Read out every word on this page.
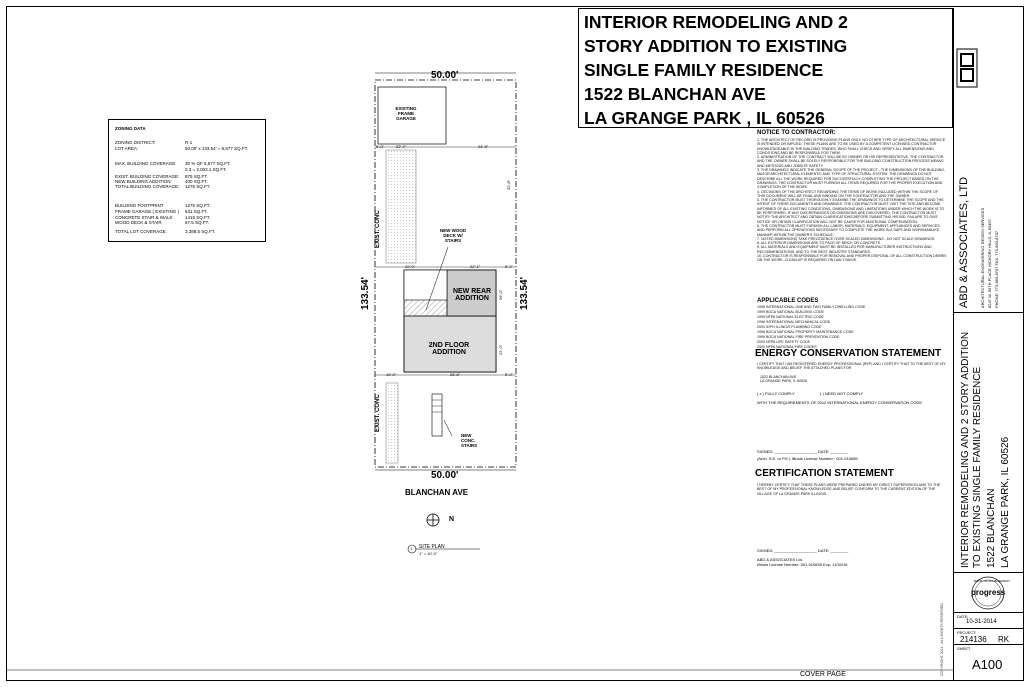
INTERIOR REMODELING AND 2
STORY ADDITION TO EXISTING
SINGLE FAMILY RESIDENCE
1522 BLANCHAN AVE
LA GRANGE PARK , IL 60526
ZONING DATA
ZONING DISTRICT:	R-1
LOT AREA:	50.00' x 133.54' = 6,677 SQ.FT.
MAX. BUILDING COVERAGE: 30 % OF 6,677 SQ.FT.
0.3 = 2,003.1 SQ.FT.
EXIST. BUILDING COVERAGE: 875 SQ.FT.
NEW BUILDING ADDITION:	400 SQ.FT.
TOTAL BUILDING COVERAGE: 1275 SQ.FT.
BUILDING FOOTPRINT	1275 SQ.FT.
FRAME GARAGE ( EXISTING ) 631 SQ.FT.
CONCRETE STAIR & WALK	1415 SQ.FT.
WOOD DECK & STAIR	67.5 SQ.FT.
TOTAL LOT COVERAGE:	3,388.5 SQ.FT.
50.00'
50.00'
133.54'	133.54'
EXISTING FRAME GARAGE
EXIST. CONC
EXIST. CONC
NEW WOOD DECK W/ STAIRS
NEW REAR ADDITION
2ND FLOOR ADDITION
NEW CONC. STAIRS
BLANCHAN AVE
N
1 SITE PLAN
1" = 10'-0"
5'-0"	22'-4"	24'-8"
20'-0"	22'-1"	5'-0"
19'-0"	26'-6"	5'-0"
32'-8"
26'-0"
22'-0"
NOTICE TO CONTRACTOR:
1. THE ARCHITECT OF RECORD IS PROVIDING PLANS ONLY. NO OTHER TYPE OF ARCHITECTURAL SERVICE IS INTENDED OR IMPLIED. THESE PLANS ARE TO BE USED BY A COMPETENT LICENSED CONTRACTOR KNOWLEDGEABLE IN THE BUILDING TRADES, WHO SHALL CHECK AND VERIFY ALL DIMENSIONS AND CONDITIONS AND BE RESPONSIBLE FOR THEM.
2. ADMINISTRATION OF THE CONTRACT WILL BE BY OWNER OR HIS REPRESENTATIVE. THE CONTRACTOR AND THE OWNER SHALL BE SOLELY RESPONSIBLE FOR THE BUILDING CONSTRUCTION PROCESS MEANS AND METHODS AND JOBSITE SAFETY.
3. THE DRAWINGS INDICATE THE GENERAL SCOPE OF THE PROJECT - THE DIMENSIONS OF THE BUILDING, MAJOR ARCHITECTURAL ELEMENTS, AND TYPE OF STRUCTURAL SYSTEM. THE DRAWINGS DO NOT DESCRIBE ALL THE WORK REQUIRED FOR SUCCESSFULLY COMPLETING THE PROJECT BASED ON THE DRAWINGS. THE CONTRACTOR MUST FURNISH ALL ITEMS REQUIRED FOR THE PROPER EXECUTION AND COMPLETION OF THE WORK.
4. DECISIONS OF THE ARCHITECT REGARDING THE ITEMS OF WORK INCLUDED WITHIN THE SCOPE OF THIS DOCUMENT WILL BE FINAL AND BINDING ON THE CONTRACTOR AND THE OWNER.
5. THE CONTRACTOR MUST THOROUGHLY EXAMINE THE DRAWINGS TO DETERMINE THE SCOPE AND THE INTENT OF THESE DOCUMENTS AND DRAWINGS. THE CONTRACTOR MUST VISIT THE SITE AND BECOME INFORMED OF ALL EXISTING CONDITIONS, DIMENSIONS AND LIMITATIONS UNDER WHICH THE WORK IS TO BE PERFORMED. IF ANY DISCREPANCIES OR OMISSIONS ARE DISCOVERED, THE CONTRACTOR MUST NOTIFY THE ARCHITECT AND OBTAIN CLARIFICATIONS BEFORE SUBMITTING HIS BID. FAILURE TO GIVE NOTICE OR OBTAIN CLARIFICATION WILL NOT BE CAUSE FOR ADDITIONAL COMPENSATION.
6. THE CONTRACTOR MUST FURNISH ALL LABOR, MATERIALS, EQUIPMENT, APPLIANCES AND SERVICES, AND PERFORM ALL OPERATIONS NECESSARY TO COMPLETE THE WORK IN A SAFE AND WORKMANLIKE MANNER WITHIN THE OWNER'S SCHEDULE.
7. NOTED DIMENSIONS TAKE PRECEDENCE OVER SCALED DIMENSIONS - DO NOT SCALE DRAWINGS.
8. ALL EXTERIOR DIMENSIONS ARE TO FACE OF BRICK OR CONCRETE.
9. ALL MATERIALS AND EQUIPMENT MUST BE INSTALLED PER MANUFACTURER INSTRUCTIONS AND RECOMMENDATIONS, AND TO THE BEST INDUSTRY STANDARDS.
10. CONTRACTOR IS RESPONSIBLE FOR REMOVAL AND PROPER DISPOSAL OF ALL CONSTRUCTION DEBRIS ON THE WORK. CLEAN UP IS REQUIRED ON DAILY BASIS.
APPLICABLE CODES
1996 INTERNATIONAL ONE AND TWO FAMILY DWELLING CODE
1999 BOCA NATIONAL BUILDING CODE
1999 NFPA NATIONAL ELECTRIC CODE
1996 INTERNATIONAL MECHANICAL CODE
2004 IDPH ILLINOIS PLUMBING CODE
1996 BOCA NATIONAL PROPERTY MAINTENANCE CODE
1999 BOCA NATIONAL FIRE PREVENTION CODE
2000 NFPA LIFE SAFETY CODE
2000 NFPA NATIONAL FIRE CODES
ENERGY CONSERVATION STATEMENT
I CERTIFY THAT I AM REGISTERED ENERGY PROFESSIONAL (REP) AND I CERTIFY THAT TO THE BEST OF MY KNOWLEDGE AND BELIEF THE ATTACHED PLANS FOR
1522 BLANCHAN AVE
LA GRANGE PARK, IL 60526
( x ) FULLY COMPLY	( ) NEED NOT COMPLY
WITH THE REQUIREMENTS OF 2012 INTERNATIONAL ENERGY CONSERVATION CODE
SIGNED: ___________________ DATE: ________
(Arch. S.E. or P.E.) Illinois License Number : 001-010655
CERTIFICATION STATEMENT
I HEREBY CERTIFY THAT THESE PLANS WERE PREPARED UNDER MY DIRECT SUPERVISION AND TO THE BEST OF MY PROFESSIONAL KNOWLEDGE AND BELIEF CONFORM TO THE CURRENT EDITION OF THE VILLAGE OF LA GRANGE PARK ILLINOIS.
SIGNED: ___________________ DATE: ________
ABD & ASSOCIATES Ltd.
Illinois License Number: 001-010655 Exp: 11/30/16
COVER PAGE
ABD & ASSOCIATES, LTD	ARCHITECTURAL ENGINEERING DESIGN SERVICES 8247 W. 95TH PLACE HICKORY HILLS, IL 60457 PHONE: 773-860-8707 FAX: 773-860-8707
INTERIOR REMODELING AND 2 STORY ADDITION TO EXISTING SINGLE FAMILY RESIDENCE 1522 BLANCHAN LA GRANGE PARK, IL 60526
BOOK OF ACHIEVEMENT
progress
DATE:
10-31-2014
PROJECT:
214136 RK
SHEET
A100
COPYRIGHT 2014 - ALL RIGHTS RESERVED
